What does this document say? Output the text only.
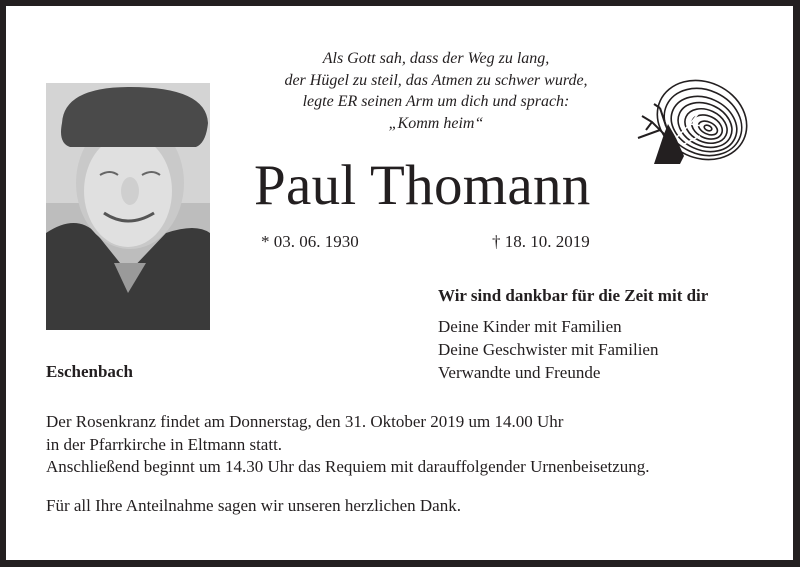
Als Gott sah, dass der Weg zu lang,
der Hügel zu steil, das Atmen zu schwer wurde,
legte ER seinen Arm um dich und sprach:
„Komm heim“
Paul Thomann
* 03. 06. 1930	† 18. 10. 2019
Wir sind dankbar für die Zeit mit dir
Deine Kinder mit Familien
Deine Geschwister mit Familien
Verwandte und Freunde
Eschenbach
Der Rosenkranz findet am Donnerstag, den 31. Oktober 2019 um 14.00 Uhr
in der Pfarrkirche in Eltmann statt.
Anschließend beginnt um 14.30 Uhr das Requiem mit darauffolgender Urnenbeisetzung.
Für all Ihre Anteilnahme sagen wir unseren herzlichen Dank.
